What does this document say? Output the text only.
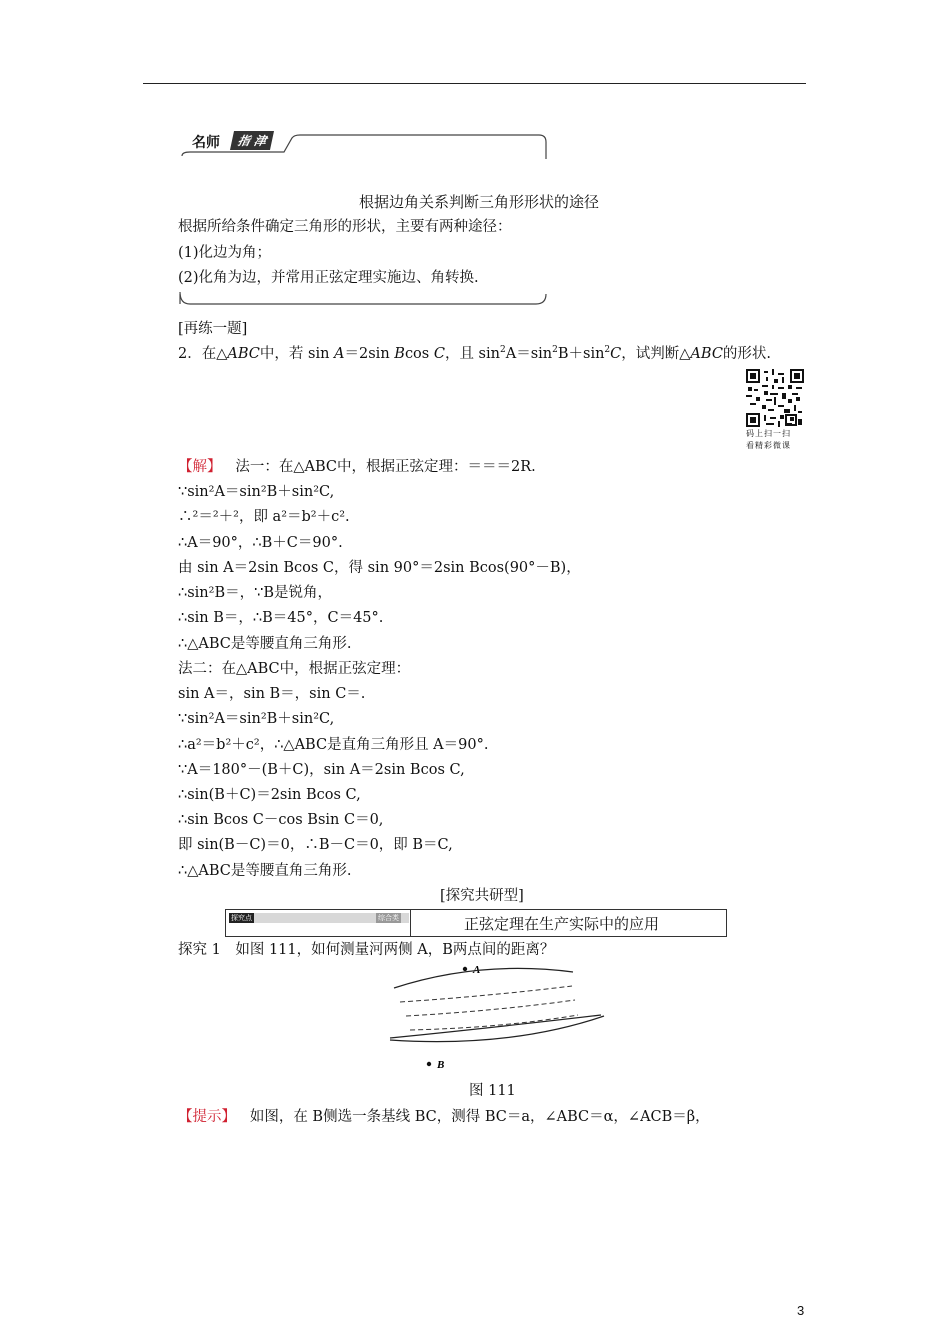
名师	指 津
根据边角关系判断三角形形状的途径
根据所给条件确定三角形的形状，主要有两种途径：
(1)化边为角；
(2)化角为边，并常用正弦定理实施边、角转换.
[再练一题]
2．在△ABC中，若 sin A＝2sin Bcos C，且 $\sin^2A=\sin^2B+\sin^2C$，试判断△ABC的形状.
码上扫一扫
看精彩微课
【解】 法一：在△ABC中，根据正弦定理：＝＝＝2R.
∵sin²A＝sin²B＋sin²C,
∴²＝²＋²，即 a²＝b²＋c².
∴A＝90°，∴B＋C＝90°.
由 sin A＝2sin Bcos C，得 sin 90°＝2sin Bcos(90°－B)，
∴sin²B＝，∵B是锐角，
∴sin B＝，∴B＝45°，C＝45°.
∴△ABC是等腰直角三角形.
法二：在△ABC中，根据正弦定理：
sin A＝，sin B＝，sin C＝.
∵sin²A＝sin²B＋sin²C,
∴a²＝b²＋c²，∴△ABC是直角三角形且 A＝90°.
∵A＝180°－(B＋C)，sin A＝2sin Bcos C,
∴sin(B＋C)＝2sin Bcos C,
∴sin Bcos C－cos Bsin C＝0,
即 sin(B－C)＝0，∴B－C＝0，即 B＝C,
∴△ABC是等腰直角三角形.
[探究共研型]
探究点	综合类	正弦定理在生产实际中的应用
探究 1　如图 111，如何测量河两侧 A，B两点间的距离？
A
B
图 111
【提示】 如图，在 B侧选一条基线 BC，测得 BC＝a，∠ABC＝α，∠ACB＝β，
3
